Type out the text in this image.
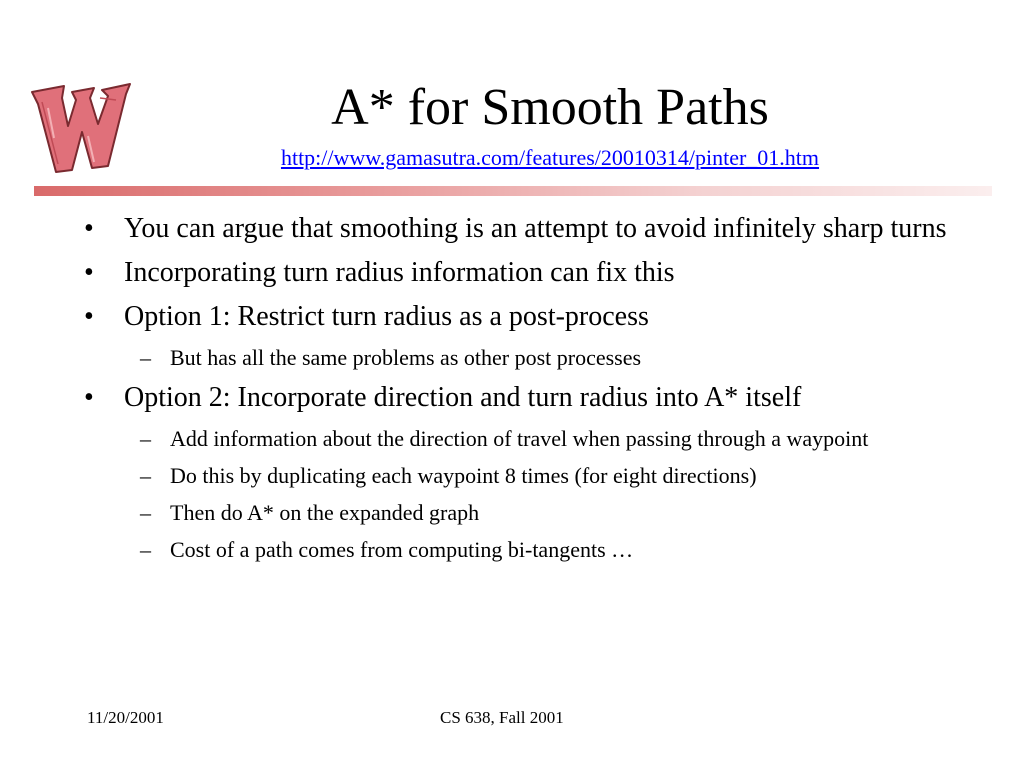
A* for Smooth Paths
http://www.gamasutra.com/features/20010314/pinter_01.htm
• You can argue that smoothing is an attempt to avoid infinitely sharp turns
• Incorporating turn radius information can fix this
• Option 1: Restrict turn radius as a post-process
– But has all the same problems as other post processes
• Option 2: Incorporate direction and turn radius into A* itself
– Add information about the direction of travel when passing through a waypoint
– Do this by duplicating each waypoint 8 times (for eight directions)
– Then do A* on the expanded graph
– Cost of a path comes from computing bi-tangents …
11/20/2001	CS 638, Fall 2001
